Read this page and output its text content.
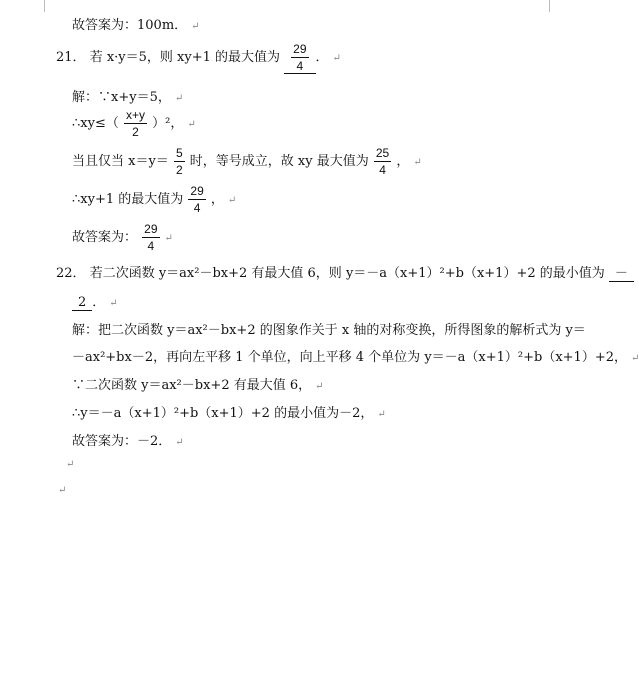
故答案为：100m． ↵
21． 若 x·y＝5，则 xy+1 的最大值为 $\frac{29}{4}$ ． ↵
解：∵x+y＝5， ↵
∴xy≤（ $\frac{x+y}{2} )^2$， ↵
当且仅当 $x=y= \frac{5}{2}$ 时，等号成立，故 xy 最大值为 $\frac{25}{4}$ ， ↵
∴xy+1 的最大值为 $\frac{29}{4}$ ， ↵
故答案为： $\frac{29}{4}$ ↵
22． 若二次函数 y＝ax²－bx+2 有最大值 6，则 y＝－a（x+1）²+b（x+1）+2 的最小值为 －
2 ． ↵
解：把二次函数 y＝ax²－bx+2 的图象作关于 x 轴的对称变换，所得图象的解析式为 y＝
－ax²+bx－2，再向左平移 1 个单位，向上平移 4 个单位为 y＝－a（x+1）²+b（x+1）+2， ↵
∵二次函数 y＝ax²－bx+2 有最大值 6， ↵
∴y＝－a（x+1）²+b（x+1）+2 的最小值为－2， ↵
故答案为：－2． ↵
↵
↵
